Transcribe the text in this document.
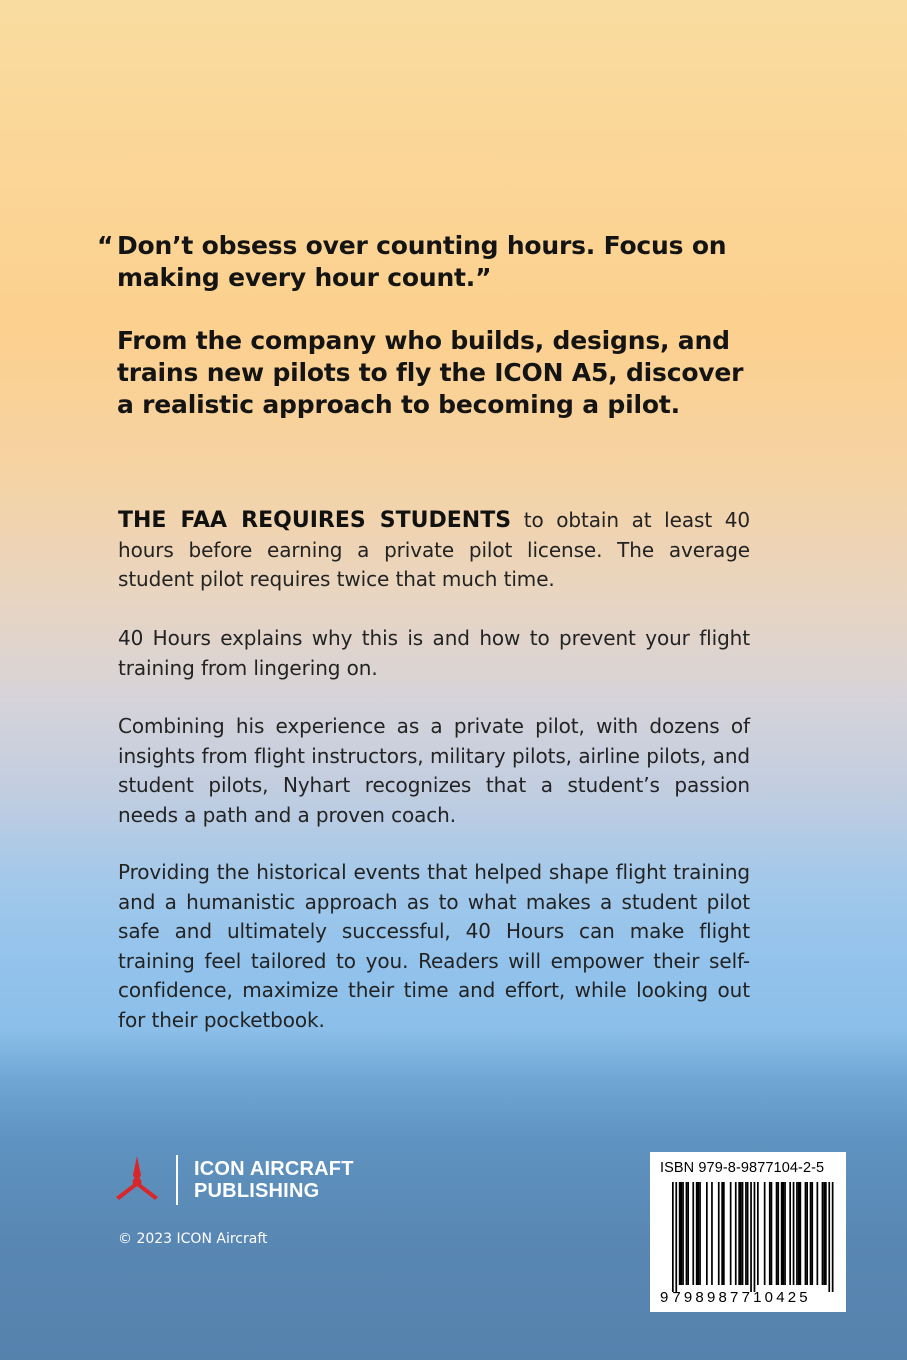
“ Don’t obsess over counting hours. Focus on making every hour count.”

From the company who builds, designs, and trains new pilots to fly the ICON A5, discover a realistic approach to becoming a pilot.

THE FAA REQUIRES STUDENTS to obtain at least 40 hours before earning a private pilot license. The average student pilot requires twice that much time.

40 Hours explains why this is and how to prevent your flight training from lingering on.

Combining his experience as a private pilot, with dozens of insights from flight instructors, military pilots, airline pilots, and student pilots, Nyhart recognizes that a student’s passion needs a path and a proven coach.

Providing the historical events that helped shape flight training and a humanistic approach as to what makes a student pilot safe and ultimately successful, 40 Hours can make flight training feel tailored to you. Readers will empower their self-confidence, maximize their time and effort, while looking out for their pocketbook.

ICON AIRCRAFT
PUBLISHING
© 2023 ICON Aircraft
ISBN 979-8-9877104-2-5
9 798987710425
